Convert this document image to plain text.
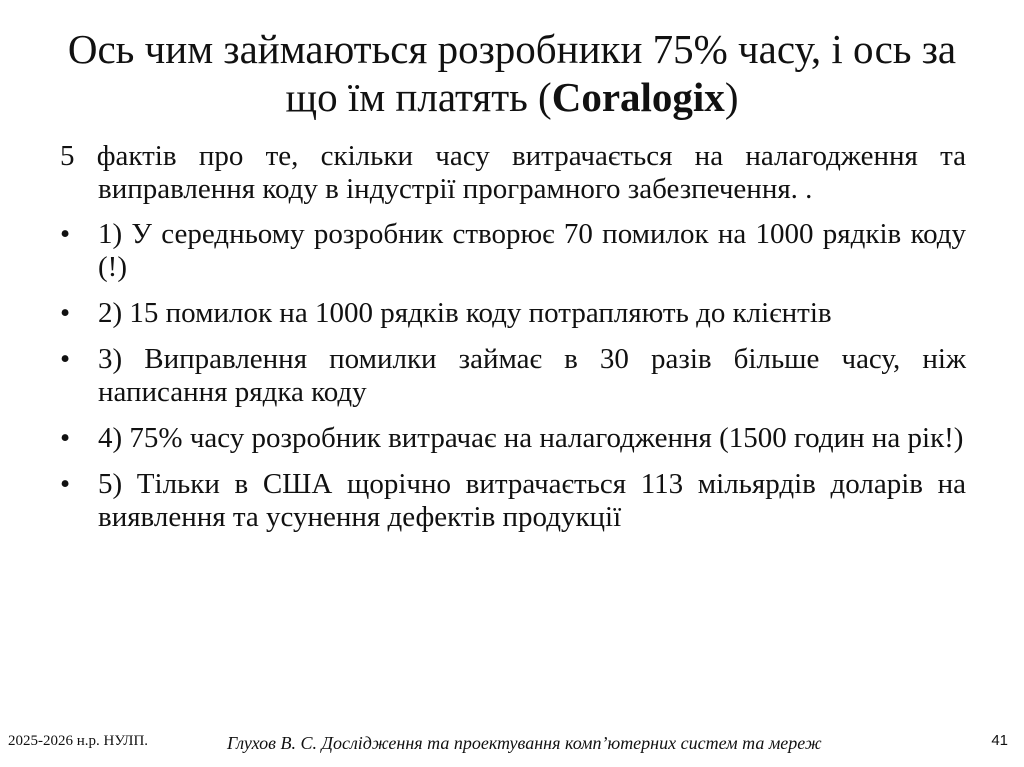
Ось чим займаються розробники 75% часу, і ось за що їм платять (Coralogix)

5 фактів про те, скільки часу витрачається на налагодження та виправлення коду в індустрії програмного забезпечення. .

• 1) У середньому розробник створює 70 помилок на 1000 рядків коду (!)
• 2) 15 помилок на 1000 рядків коду потрапляють до клієнтів
• 3) Виправлення помилки займає в 30 разів більше часу, ніж написання рядка коду
• 4) 75% часу розробник витрачає на налагодження (1500 годин на рік!)
• 5) Тільки в США щорічно витрачається 113 мільярдів доларів на виявлення та усунення дефектів продукції
2025-2026 н.р. НУЛП.	Глухов В. С. Дослідження та проектування комп’ютерних систем та мереж	41
